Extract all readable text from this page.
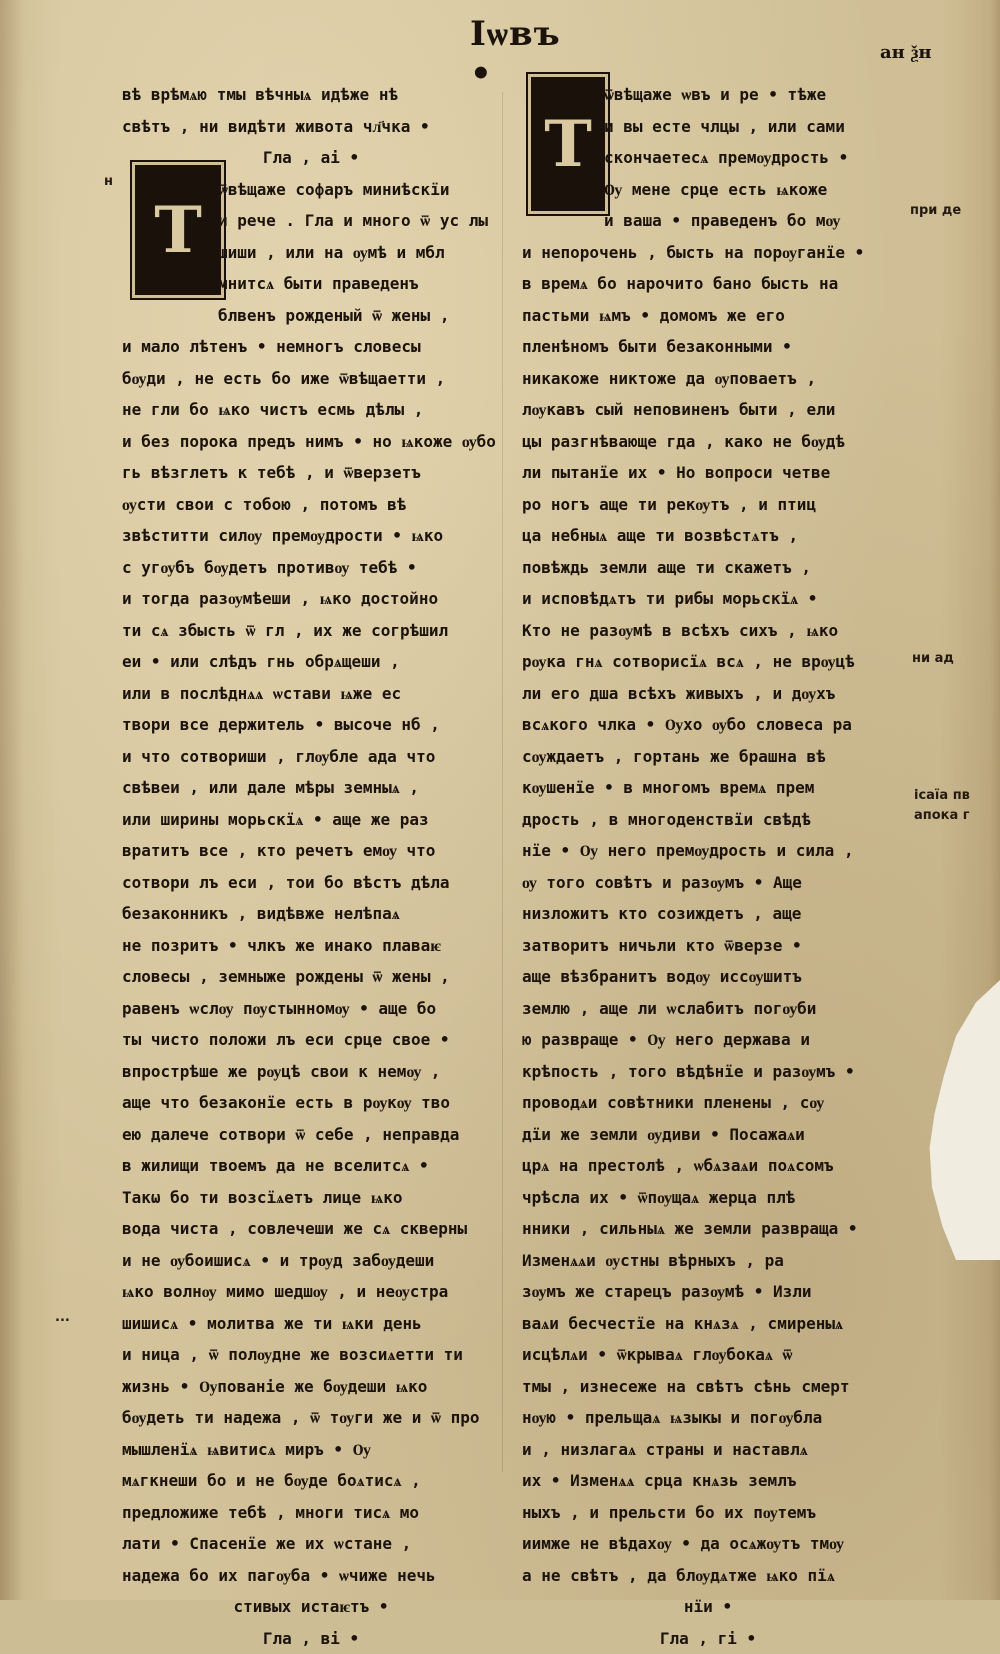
Іѡвъ •
ан ѯн
Т
Т
н
при де
ни ад
ісаїа пв
апока г
...
вѣ врѣмѧю тмы вѣчныѧ идѣже нѣ
свѣтъ , ни видѣти живота чл҃чка •
Гла , аі •
ѿвѣщаже софаръ миниѣскїи
и рече . Гла и много ѿ ус лы
шиши , или на ѹмѣ и мбл
мнитсѧ быти праведенъ
блвенъ рожденый ѿ жены ,
и мало лѣтенъ • немногъ словесы
бѹди , не есть бо иже ѿвѣщаетти ,
не гли бо ѩко чистъ есмь дѣлы ,
и без порока предъ нимъ • но ѩкоже ѹбо
гь вѣзглетъ к тебѣ , и ѿверзетъ
ѹсти свои с тобою , потомъ вѣ
звѣститти силѹ премѹдрости • ѩко
с угѹбъ бѹдетъ противѹ тебѣ •
и тогда разѹмѣеши , ѩко достойно
ти сѧ збысть ѿ гл , их же согрѣшил
еи • или слѣдъ гнь обрѧщеши ,
или в послѣднѧѧ ѡстави ѩже ес
твори все держитель • высоче нб ,
и что сотвориши , глѹбле ада что
свѣвеи , или дале мѣры земныѧ ,
или ширины морьскїѧ • аще же раз
вратитъ все , кто речетъ емѹ что
сотвори лъ еси , тои бо вѣстъ дѣла
безаконникъ , видѣвже нелѣпаѧ
не позритъ • члкъ же инако плаваѥ
словесы , земныже рождены ѿ жены ,
равенъ ѡслѹ пѹстынномѹ • аще бо
ты чисто положи лъ еси срце свое •
впрострѣше же рѹцѣ свои к немѹ ,
аще что безаконїе есть в рѹкѹ тво
ею далече сотвори ѿ себе , неправда
в жилищи твоемъ да не вселитсѧ •
Такω бо ти возсїѧетъ лице ѩко
вода чиста , совлечеши же сѧ скверны
и не ѹбоишисѧ • и трѹд забѹдеши
ѩко волнѹ мимо шедшѹ , и неѹстра
шишисѧ • молитва же ти ѩки день
и ница , ѿ полѹдне же возсиѧетти ти
жизнь • Ѹпованіе же бѹдеши ѩко
бѹдеть ти надежа , ѿ тѹги же и ѿ про
мышленїѧ ѩвитисѧ миръ • Ѹ
мѧгкнеши бо и не бѹде боѧтисѧ ,
предложиже тебѣ , многи тисѧ мо
лати • Спасенїе же их ѡстане ,
надежа бо их пагѹба • ѡчиже нечь
стивых истаѥтъ •
Гла , ві •
ѿвѣщаже ѡвъ и ре • тѣже
и вы есте члцы , или сами
скончаетесѧ премѹдрость •
Ѹ мене срце есть ѩкоже
и ваша • праведенъ бо мѹ
и непорочень , бысть на порѹганїе •
в времѧ бо нарочито бано бысть на
пастьми ѩмъ • домомъ же его
пленѣномъ быти безаконными •
никакоже никтоже да ѹповаетъ ,
лѹкавъ сый неповиненъ быти , ели
цы разгнѣвающе гда , како не бѹдѣ
ли пытанїе их • Но вопроси четве
ро ногъ аще ти рекѹтъ , и птиц
ца небныѧ аще ти возвѣстѧтъ ,
повѣждь земли аще ти скажетъ ,
и исповѣдѧтъ ти рибы морьскїѧ •
Кто не разѹмѣ в всѣхъ сихъ , ѩко
рѹка гнѧ сотворисїѧ всѧ , не врѹцѣ
ли его дша всѣхъ живыхъ , и дѹхъ
всѧкого члка • Ѹхо ѹбо словеса ра
сѹждаетъ , гортань же брашна вѣ
кѹшенїе • в многомъ времѧ прем
дрость , в многоденствїи свѣдѣ
нїе • Ѹ него премѹдрость и сила ,
ѹ того совѣтъ и разѹмъ • Аще
низложитъ кто созиждетъ , аще
затворитъ ничьли кто ѿверзе •
аще вѣзбранитъ водѹ иссѹшитъ
землю , аще ли ѡслабитъ погѹби
ю развраще • Ѹ него держава и
крѣпость , того вѣдѣнїе и разѹмъ •
проводѧи совѣтники пленены , сѹ
дїи же земли ѹдиви • Посажаѧи
црѧ на престолѣ , ѡбѧзаѧи поѧсомъ
чрѣсла их • ѿпѹщаѧ жерца плѣ
нники , сильныѧ же земли развраща •
Изменѧѧи ѹстны вѣрныхъ , ра
зѹмъ же старецъ разѹмѣ • Изли
ваѧи бесчестїе на кнѧзѧ , смиреныѧ
исцѣлѧи • ѿкрываѧ глѹбокаѧ ѿ
тмы , изнесеже на свѣтъ сѣнь смерт
нѹю • прельщаѧ ѩзыкы и погѹбла
и , низлагаѧ страны и наставлѧ
их • Изменѧѧ срца кнѧзь землъ
ныхъ , и прельсти бо их пѹтемъ
иимже не вѣдахѹ • да осѧжѹтъ тмѹ
а не свѣтъ , да блѹдѧтже ѩко пїѧ
нїи •
Гла , гі •
